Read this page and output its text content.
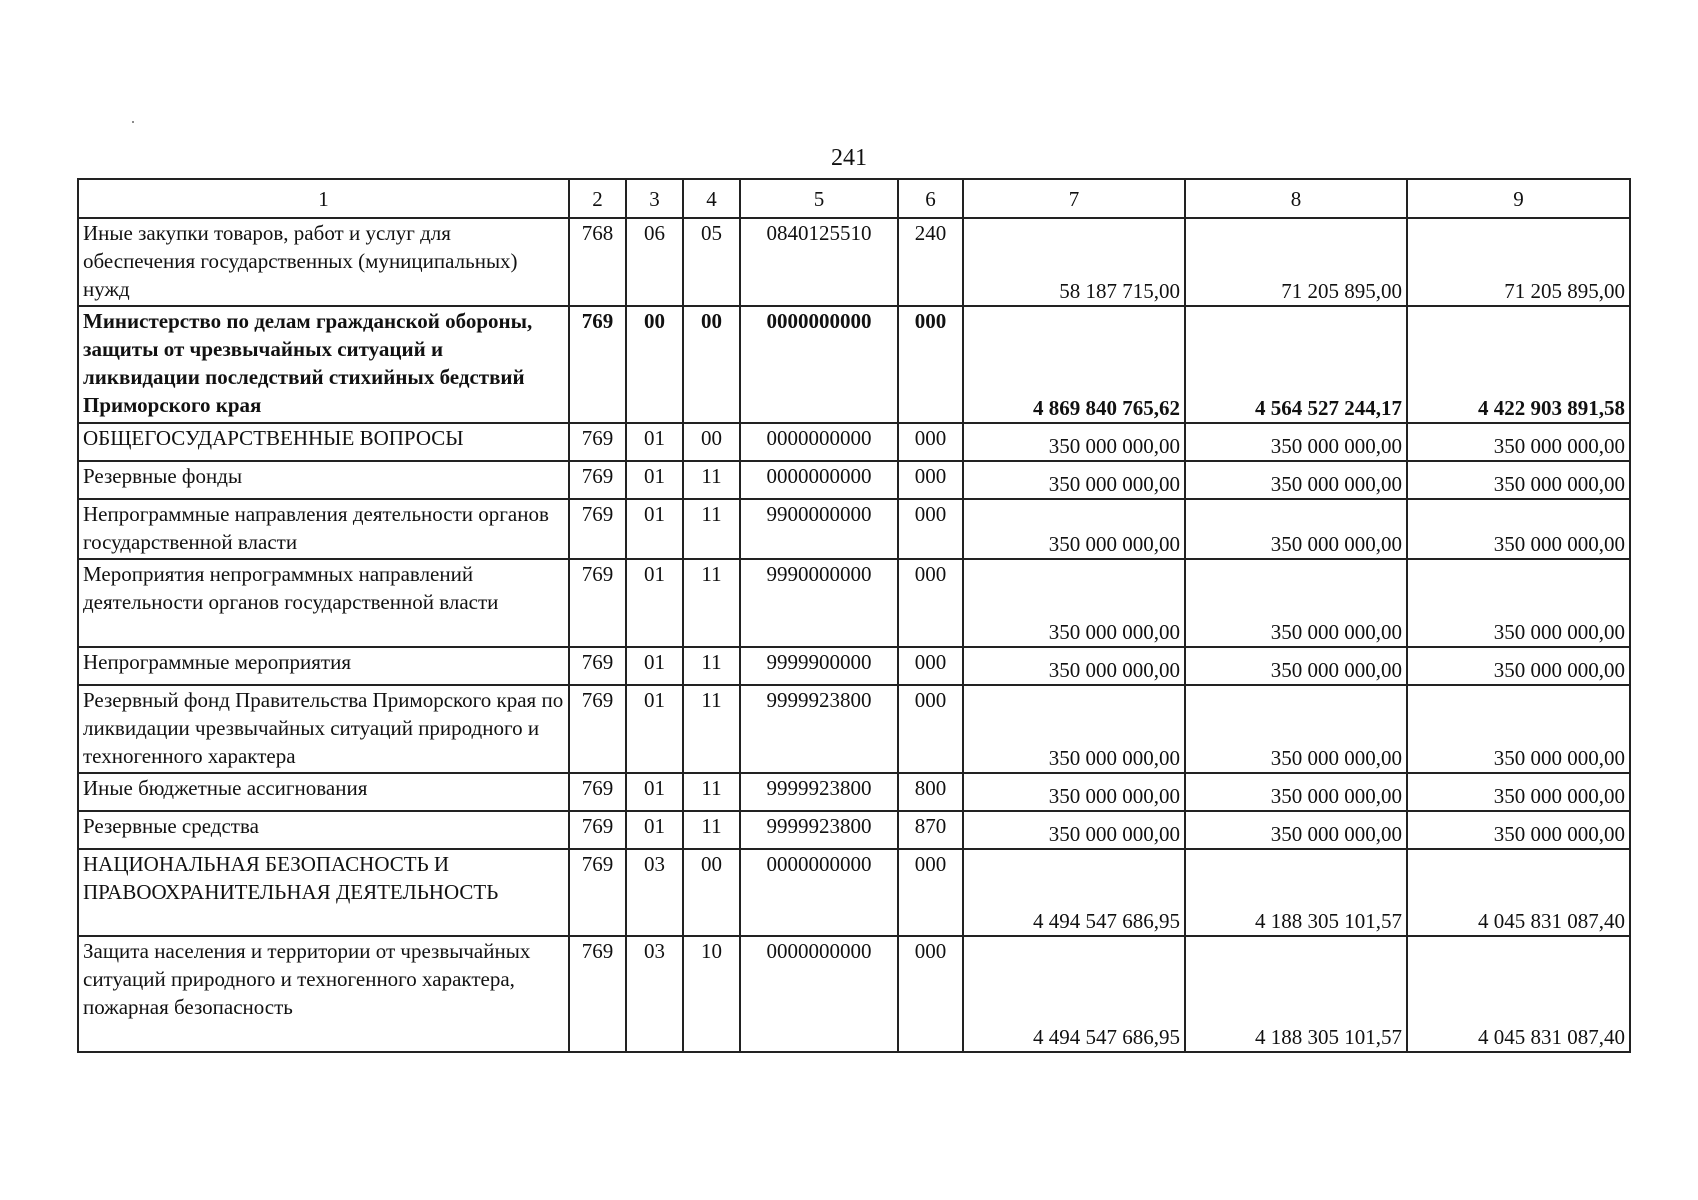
241
1	2	3	4	5	6	7	8	9
Иные закупки товаров, работ и услуг для обеспечения государственных (муниципальных) нужд	768	06	05	0840125510	240	58 187 715,00	71 205 895,00	71 205 895,00
Министерство по делам гражданской обороны, защиты от чрезвычайных ситуаций и ликвидации последствий стихийных бедствий Приморского края	769	00	00	0000000000	000	4 869 840 765,62	4 564 527 244,17	4 422 903 891,58
ОБЩЕГОСУДАРСТВЕННЫЕ ВОПРОСЫ	769	01	00	0000000000	000	350 000 000,00	350 000 000,00	350 000 000,00
Резервные фонды	769	01	11	0000000000	000	350 000 000,00	350 000 000,00	350 000 000,00
Непрограммные направления деятельности органов государственной власти	769	01	11	9900000000	000	350 000 000,00	350 000 000,00	350 000 000,00
Мероприятия непрограммных направлений деятельности органов государственной власти	769	01	11	9990000000	000	350 000 000,00	350 000 000,00	350 000 000,00
Непрограммные мероприятия	769	01	11	9999900000	000	350 000 000,00	350 000 000,00	350 000 000,00
Резервный фонд Правительства Приморского края по ликвидации чрезвычайных ситуаций природного и техногенного характера	769	01	11	9999923800	000	350 000 000,00	350 000 000,00	350 000 000,00
Иные бюджетные ассигнования	769	01	11	9999923800	800	350 000 000,00	350 000 000,00	350 000 000,00
Резервные средства	769	01	11	9999923800	870	350 000 000,00	350 000 000,00	350 000 000,00
НАЦИОНАЛЬНАЯ БЕЗОПАСНОСТЬ И ПРАВООХРАНИТЕЛЬНАЯ ДЕЯТЕЛЬНОСТЬ	769	03	00	0000000000	000	4 494 547 686,95	4 188 305 101,57	4 045 831 087,40
Защита населения и территории от чрезвычайных ситуаций природного и техногенного характера, пожарная безопасность	769	03	10	0000000000	000	4 494 547 686,95	4 188 305 101,57	4 045 831 087,40
